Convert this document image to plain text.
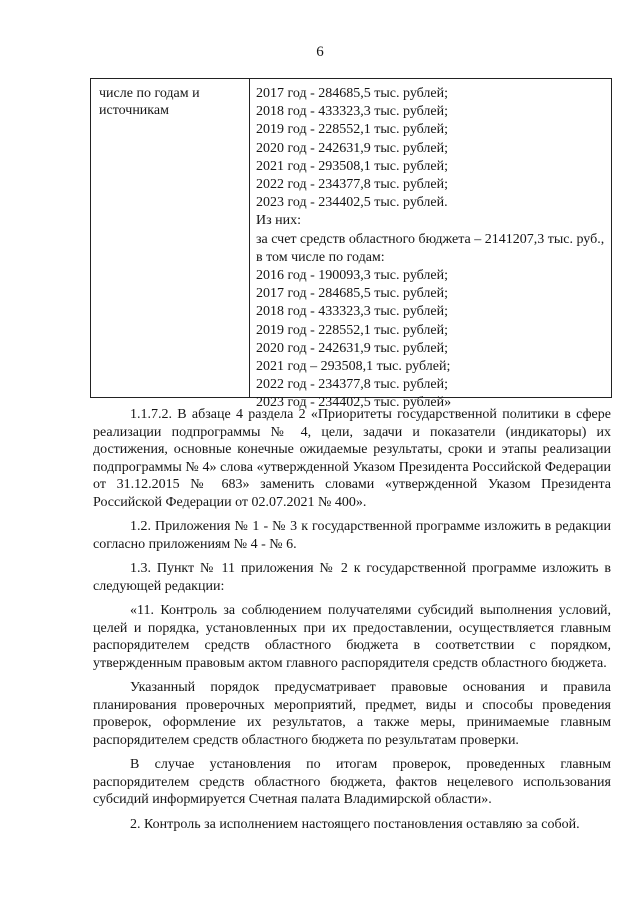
6
числе по годам и источникам
2017 год - 284685,5 тыс. рублей;
2018 год - 433323,3 тыс. рублей;
2019 год - 228552,1 тыс. рублей;
2020 год - 242631,9 тыс. рублей;
2021 год - 293508,1 тыс. рублей;
2022 год - 234377,8 тыс. рублей;
2023 год - 234402,5 тыс. рублей.
Из них:
за счет средств областного бюджета – 2141207,3 тыс. руб., в том числе по годам:
2016 год - 190093,3 тыс. рублей;
2017 год - 284685,5 тыс. рублей;
2018 год - 433323,3 тыс. рублей;
2019 год - 228552,1 тыс. рублей;
2020 год - 242631,9 тыс. рублей;
2021 год – 293508,1 тыс. рублей;
2022 год - 234377,8 тыс. рублей;
2023 год - 234402,5 тыс. рублей»

1.1.7.2. В абзаце 4 раздела 2 «Приоритеты государственной политики в сфере реализации подпрограммы № 4, цели, задачи и показатели (индикаторы) их достижения, основные конечные ожидаемые результаты, сроки и этапы реализации подпрограммы № 4» слова «утвержденной Указом Президента Российской Федерации от 31.12.2015 № 683» заменить словами «утвержденной Указом Президента Российской Федерации от 02.07.2021 № 400».

1.2. Приложения № 1 - № 3 к государственной программе изложить в редакции согласно приложениям № 4 - № 6.

1.3. Пункт № 11 приложения № 2 к государственной программе изложить в следующей редакции:

«11. Контроль за соблюдением получателями субсидий выполнения условий, целей и порядка, установленных при их предоставлении, осуществляется главным распорядителем средств областного бюджета в соответствии с порядком, утвержденным правовым актом главного распорядителя средств областного бюджета.

Указанный порядок предусматривает правовые основания и правила планирования проверочных мероприятий, предмет, виды и способы проведения проверок, оформление их результатов, а также меры, принимаемые главным распорядителем средств областного бюджета по результатам проверки.

В случае установления по итогам проверок, проведенных главным распорядителем средств областного бюджета, фактов нецелевого использования субсидий информируется Счетная палата Владимирской области».

2. Контроль за исполнением настоящего постановления оставляю за собой.
